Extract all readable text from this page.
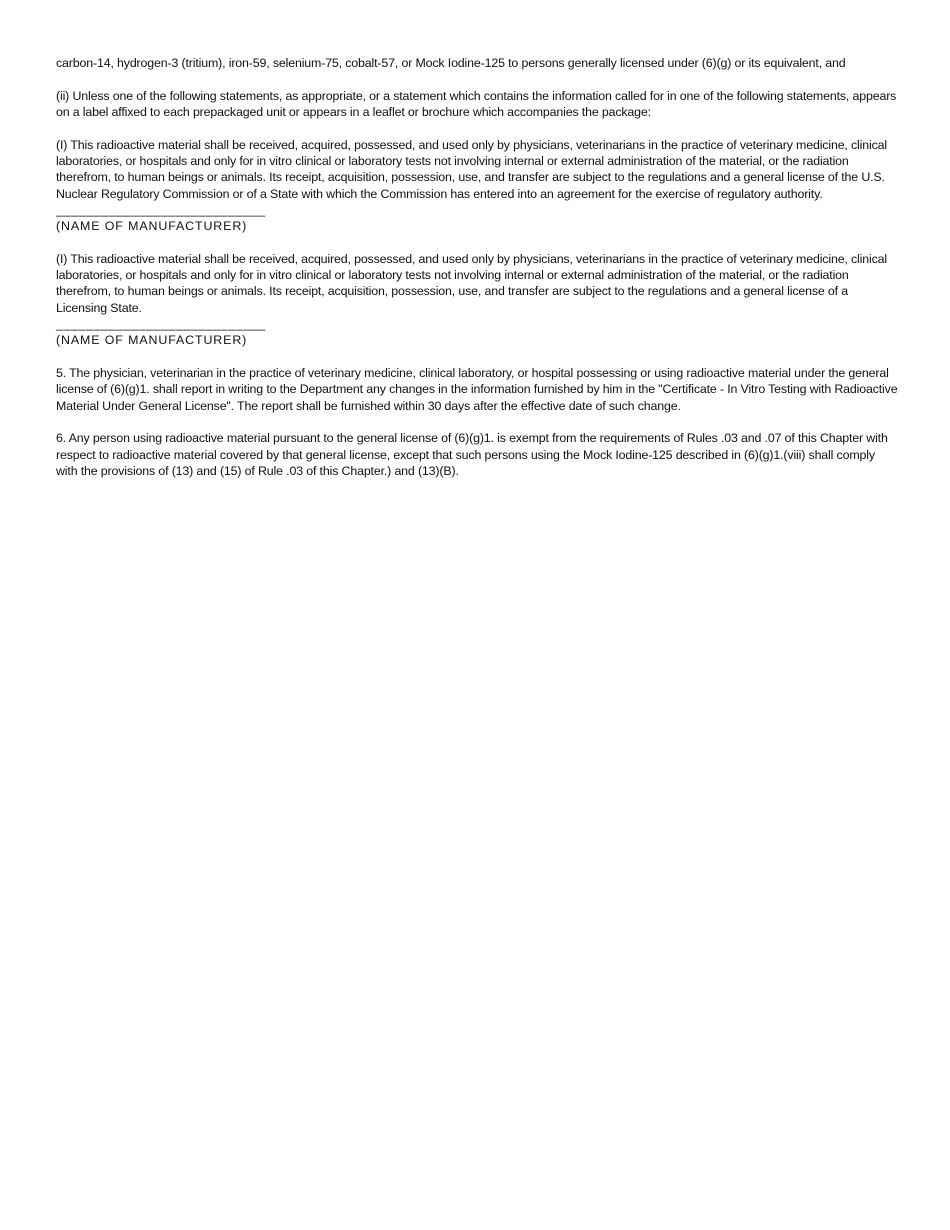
carbon-14, hydrogen-3 (tritium), iron-59, selenium-75, cobalt-57, or Mock Iodine-125 to persons generally licensed under (6)(g) or its equivalent, and

(ii) Unless one of the following statements, as appropriate, or a statement which contains the information called for in one of the following statements, appears on a label affixed to each prepackaged unit or appears in a leaflet or brochure which accompanies the package:

(I) This radioactive material shall be received, acquired, possessed, and used only by physicians, veterinarians in the practice of veterinary medicine, clinical laboratories, or hospitals and only for in vitro clinical or laboratory tests not involving internal or external administration of the material, or the radiation therefrom, to human beings or animals. Its receipt, acquisition, possession, use, and transfer are subject to the regulations and a general license of the U.S. Nuclear Regulatory Commission or of a State with which the Commission has entered into an agreement for the exercise of regulatory authority.

____________________________
(NAME OF MANUFACTURER)

(I) This radioactive material shall be received, acquired, possessed, and used only by physicians, veterinarians in the practice of veterinary medicine, clinical laboratories, or hospitals and only for in vitro clinical or laboratory tests not involving internal or external administration of the material, or the radiation therefrom, to human beings or animals. Its receipt, acquisition, possession, use, and transfer are subject to the regulations and a general license of a Licensing State.

____________________________
(NAME OF MANUFACTURER)

5. The physician, veterinarian in the practice of veterinary medicine, clinical laboratory, or hospital possessing or using radioactive material under the general license of (6)(g)1. shall report in writing to the Department any changes in the information furnished by him in the "Certificate - In Vitro Testing with Radioactive Material Under General License". The report shall be furnished within 30 days after the effective date of such change.

6. Any person using radioactive material pursuant to the general license of (6)(g)1. is exempt from the requirements of Rules .03 and .07 of this Chapter with respect to radioactive material covered by that general license, except that such persons using the Mock Iodine-125 described in (6)(g)1.(viii) shall comply with the provisions of (13) and (15) of Rule .03 of this Chapter.) and (13)(B).
